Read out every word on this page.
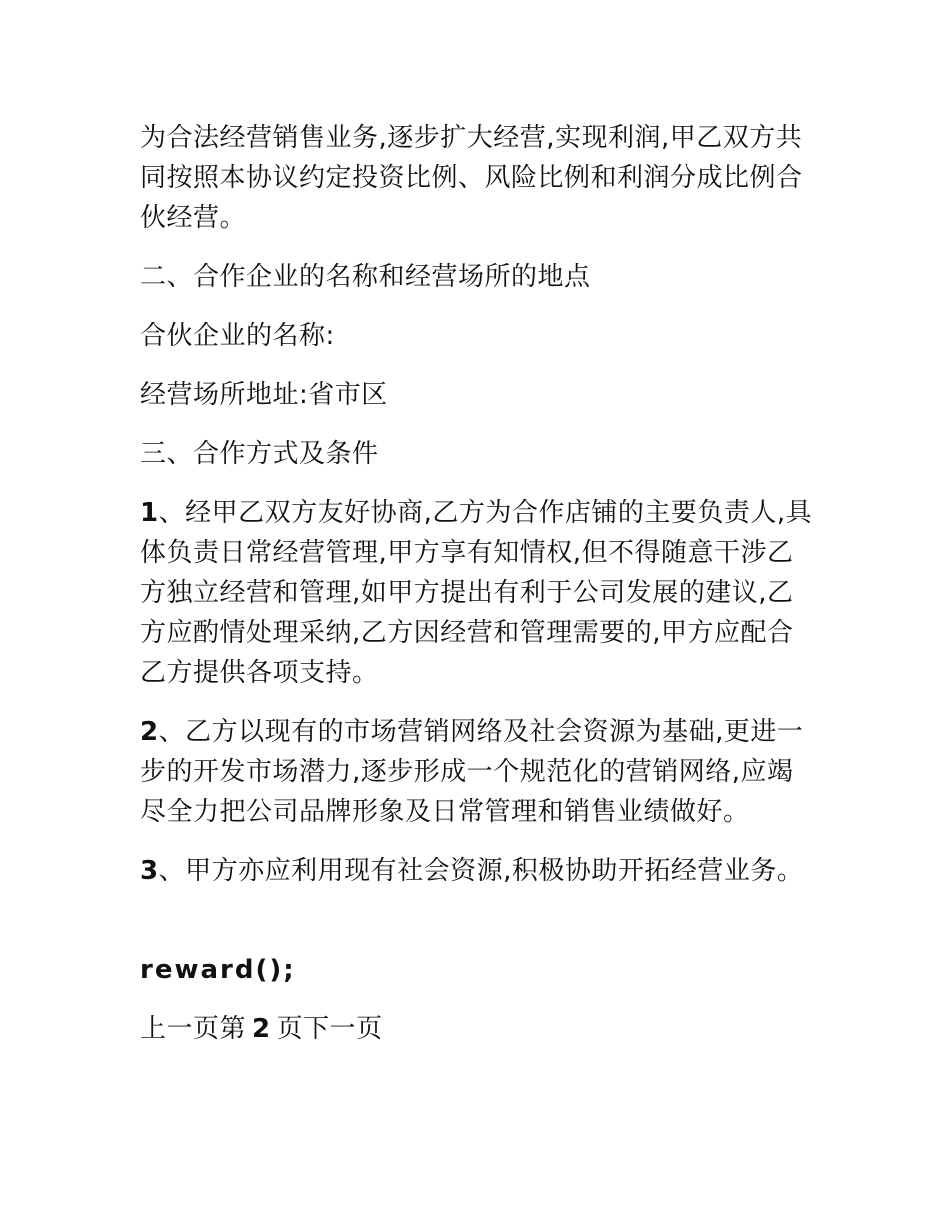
为合法经营销售业务,逐步扩大经营,实现利润,甲乙双方共同按照本协议约定投资比例、风险比例和利润分成比例合伙经营。

二、合作企业的名称和经营场所的地点

合伙企业的名称:

经营场所地址:省市区

三、合作方式及条件

1、经甲乙双方友好协商,乙方为合作店铺的主要负责人,具体负责日常经营管理,甲方享有知情权,但不得随意干涉乙方独立经营和管理,如甲方提出有利于公司发展的建议,乙方应酌情处理采纳,乙方因经营和管理需要的,甲方应配合乙方提供各项支持。

2、乙方以现有的市场营销网络及社会资源为基础,更进一步的开发市场潜力,逐步形成一个规范化的营销网络,应竭尽全力把公司品牌形象及日常管理和销售业绩做好。

3、甲方亦应利用现有社会资源,积极协助开拓经营业务。

reward();

上一页第 2 页下一页
